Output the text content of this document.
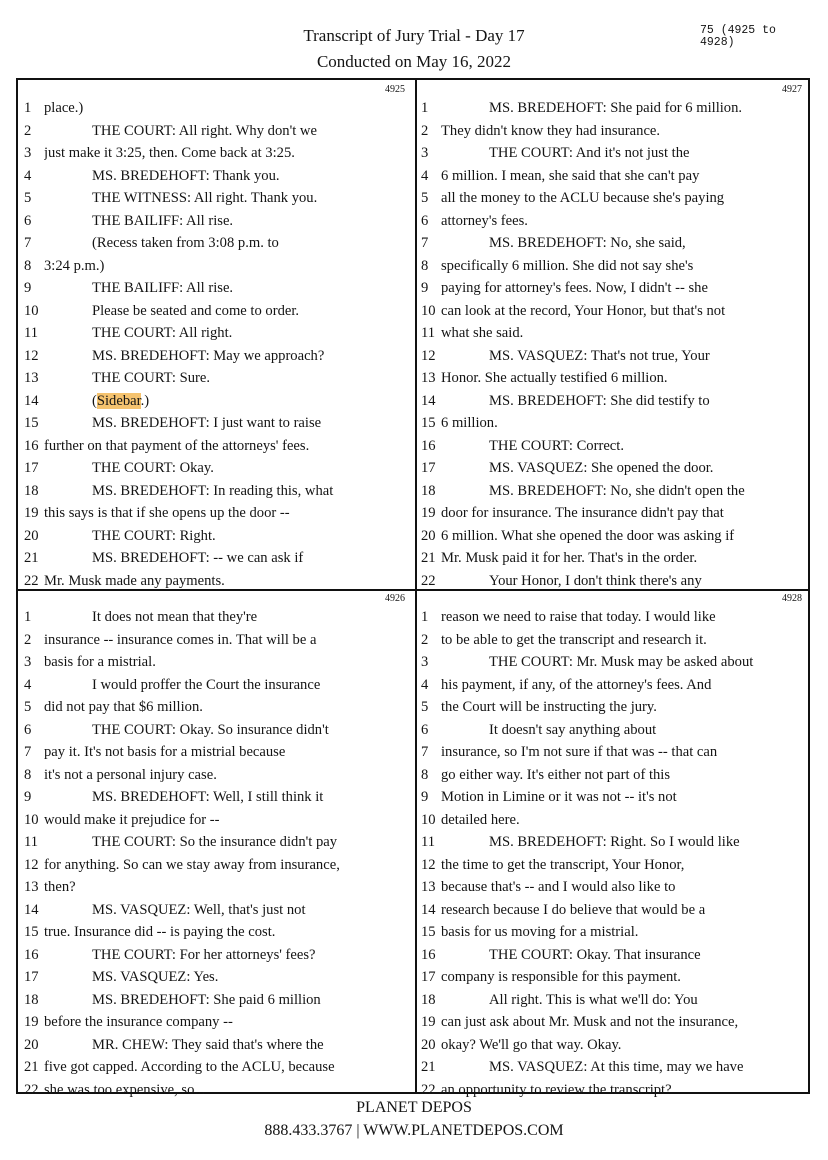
Transcript of Jury Trial - Day 17
Conducted on May 16, 2022
75 (4925 to
4928)
4925
1 place.)
2	THE COURT: All right. Why don't we
3 just make it 3:25, then. Come back at 3:25.
4	MS. BREDEHOFT: Thank you.
5	THE WITNESS: All right. Thank you.
6	THE BAILIFF: All rise.
7	(Recess taken from 3:08 p.m. to
8 3:24 p.m.)
9	THE BAILIFF: All rise.
10	Please be seated and come to order.
11	THE COURT: All right.
12	MS. BREDEHOFT: May we approach?
13	THE COURT: Sure.
14	(Sidebar.)
15	MS. BREDEHOFT: I just want to raise
16 further on that payment of the attorneys' fees.
17	THE COURT: Okay.
18	MS. BREDEHOFT: In reading this, what
19 this says is that if she opens up the door --
20	THE COURT: Right.
21	MS. BREDEHOFT: -- we can ask if
22 Mr. Musk made any payments.
4927
1	MS. BREDEHOFT: She paid for 6 million.
2 They didn't know they had insurance.
3	THE COURT: And it's not just the
4 6 million. I mean, she said that she can't pay
5 all the money to the ACLU because she's paying
6 attorney's fees.
7	MS. BREDEHOFT: No, she said,
8 specifically 6 million. She did not say she's
9 paying for attorney's fees. Now, I didn't -- she
10 can look at the record, Your Honor, but that's not
11 what she said.
12	MS. VASQUEZ: That's not true, Your
13 Honor. She actually testified 6 million.
14	MS. BREDEHOFT: She did testify to
15 6 million.
16	THE COURT: Correct.
17	MS. VASQUEZ: She opened the door.
18	MS. BREDEHOFT: No, she didn't open the
19 door for insurance. The insurance didn't pay that
20 6 million. What she opened the door was asking if
21 Mr. Musk paid it for her. That's in the order.
22	Your Honor, I don't think there's any
4926
1	It does not mean that they're
2 insurance -- insurance comes in. That will be a
3 basis for a mistrial.
4	I would proffer the Court the insurance
5 did not pay that $6 million.
6	THE COURT: Okay. So insurance didn't
7 pay it. It's not basis for a mistrial because
8 it's not a personal injury case.
9	MS. BREDEHOFT: Well, I still think it
10 would make it prejudice for --
11	THE COURT: So the insurance didn't pay
12 for anything. So can we stay away from insurance,
13 then?
14	MS. VASQUEZ: Well, that's just not
15 true. Insurance did -- is paying the cost.
16	THE COURT: For her attorneys' fees?
17	MS. VASQUEZ: Yes.
18	MS. BREDEHOFT: She paid 6 million
19 before the insurance company --
20	MR. CHEW: They said that's where the
21 five got capped. According to the ACLU, because
22 she was too expensive, so...
4928
1 reason we need to raise that today. I would like
2 to be able to get the transcript and research it.
3	THE COURT: Mr. Musk may be asked about
4 his payment, if any, of the attorney's fees. And
5 the Court will be instructing the jury.
6	It doesn't say anything about
7 insurance, so I'm not sure if that was -- that can
8 go either way. It's either not part of this
9 Motion in Limine or it was not -- it's not
10 detailed here.
11	MS. BREDEHOFT: Right. So I would like
12 the time to get the transcript, Your Honor,
13 because that's -- and I would also like to
14 research because I do believe that would be a
15 basis for us moving for a mistrial.
16	THE COURT: Okay. That insurance
17 company is responsible for this payment.
18	All right. This is what we'll do: You
19 can just ask about Mr. Musk and not the insurance,
20 okay? We'll go that way. Okay.
21	MS. VASQUEZ: At this time, may we have
22 an opportunity to review the transcript?
PLANET DEPOS
888.433.3767 | WWW.PLANETDEPOS.COM
